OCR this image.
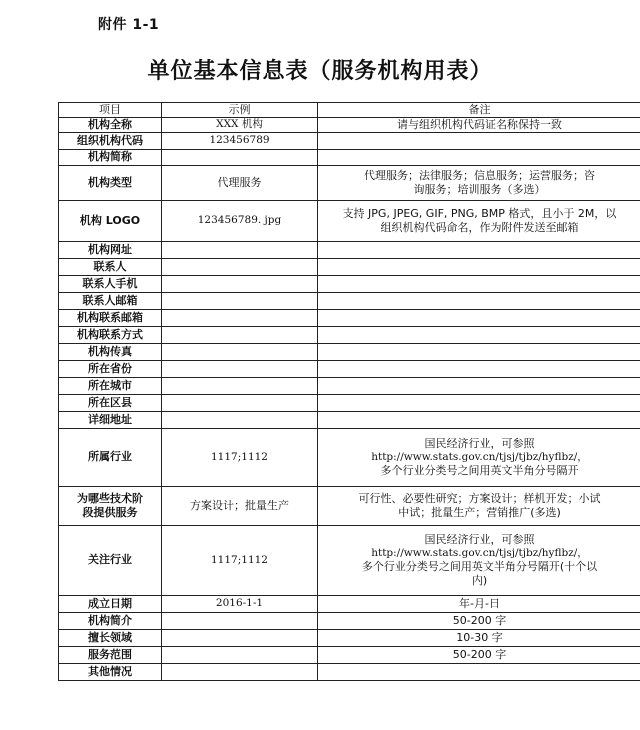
附件 1-1
单位基本信息表（服务机构用表）
项目	示例	备注
机构全称	XXX 机构	请与组织机构代码证名称保持一致

组织机构代码	123456789	
机构简称		
机构类型	代理服务	代理服务；法律服务；信息服务；运营服务；咨
询服务；培训服务（多选）

机构 LOGO	123456789. jpg	支持 JPG, JPEG, GIF, PNG, BMP 格式，且小于 2M，以
组织机构代码命名，作为附件发送至邮箱

机构网址		
联系人		
联系人手机		
联系人邮箱		
机构联系邮箱		
机构联系方式		
机构传真		
所在省份		
所在城市		
所在区县		
详细地址		
所属行业	1117;1112	国民经济行业，可参照
http://www.stats.gov.cn/tjsj/tjbz/hyflbz/，
多个行业分类号之间用英文半角分号隔开

为哪些技术阶
段提供服务	方案设计；批量生产	可行性、必要性研究；方案设计；样机开发；小试
中试；批量生产；营销推广(多选)

关注行业	1117;1112	国民经济行业，可参照
http://www.stats.gov.cn/tjsj/tjbz/hyflbz/，
多个行业分类号之间用英文半角分号隔开(十个以
内)

成立日期	2016-1-1	年-月-日

机构简介		50-200 字

擅长领域		10-30 字

服务范围		50-200 字

其他情况		
